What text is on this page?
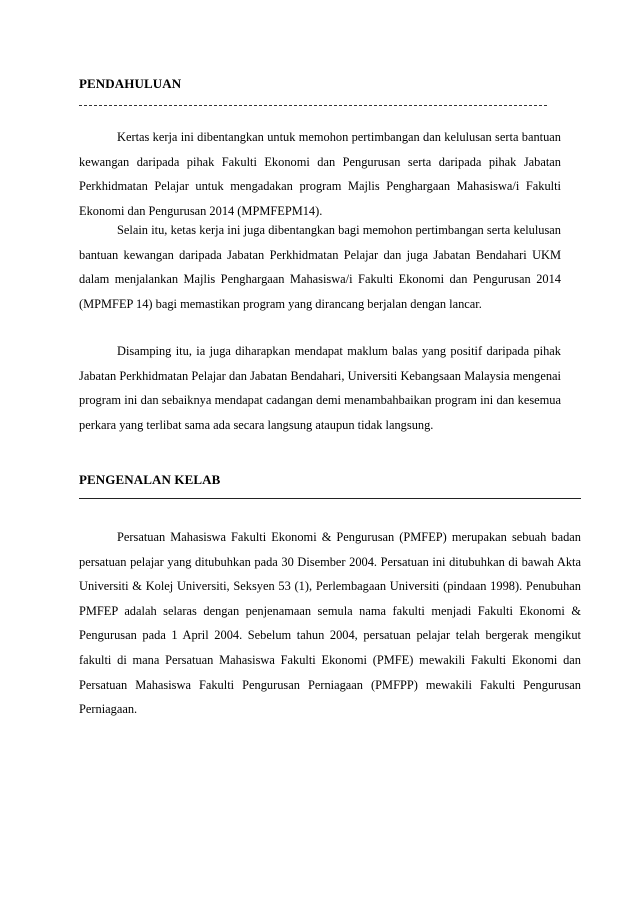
PENDAHULUAN

Kertas kerja ini dibentangkan untuk memohon pertimbangan dan kelulusan serta bantuan kewangan daripada pihak Fakulti Ekonomi dan Pengurusan serta daripada pihak Jabatan Perkhidmatan Pelajar untuk mengadakan program Majlis Penghargaan Mahasiswa/i Fakulti Ekonomi dan Pengurusan 2014 (MPMFEPM14).

Selain itu, ketas kerja ini juga dibentangkan bagi memohon pertimbangan serta kelulusan bantuan kewangan daripada Jabatan Perkhidmatan Pelajar dan juga Jabatan Bendahari UKM dalam menjalankan Majlis Penghargaan Mahasiswa/i Fakulti Ekonomi dan Pengurusan 2014 (MPMFEP 14) bagi memastikan program yang dirancang berjalan dengan lancar.

Disamping itu, ia juga diharapkan mendapat maklum balas yang positif daripada pihak Jabatan Perkhidmatan Pelajar dan Jabatan Bendahari, Universiti Kebangsaan Malaysia mengenai program ini dan sebaiknya mendapat cadangan demi menambahbaikan program ini dan kesemua perkara yang terlibat sama ada secara langsung ataupun tidak langsung.

PENGENALAN KELAB

Persatuan Mahasiswa Fakulti Ekonomi & Pengurusan (PMFEP) merupakan sebuah badan persatuan pelajar yang ditubuhkan pada 30 Disember 2004. Persatuan ini ditubuhkan di bawah Akta Universiti & Kolej Universiti, Seksyen 53 (1), Perlembagaan Universiti (pindaan 1998). Penubuhan PMFEP adalah selaras dengan penjenamaan semula nama fakulti menjadi Fakulti Ekonomi & Pengurusan pada 1 April 2004. Sebelum tahun 2004, persatuan pelajar telah bergerak mengikut fakulti di mana Persatuan Mahasiswa Fakulti Ekonomi (PMFE) mewakili Fakulti Ekonomi dan Persatuan Mahasiswa Fakulti Pengurusan Perniagaan (PMFPP) mewakili Fakulti Pengurusan Perniagaan.
